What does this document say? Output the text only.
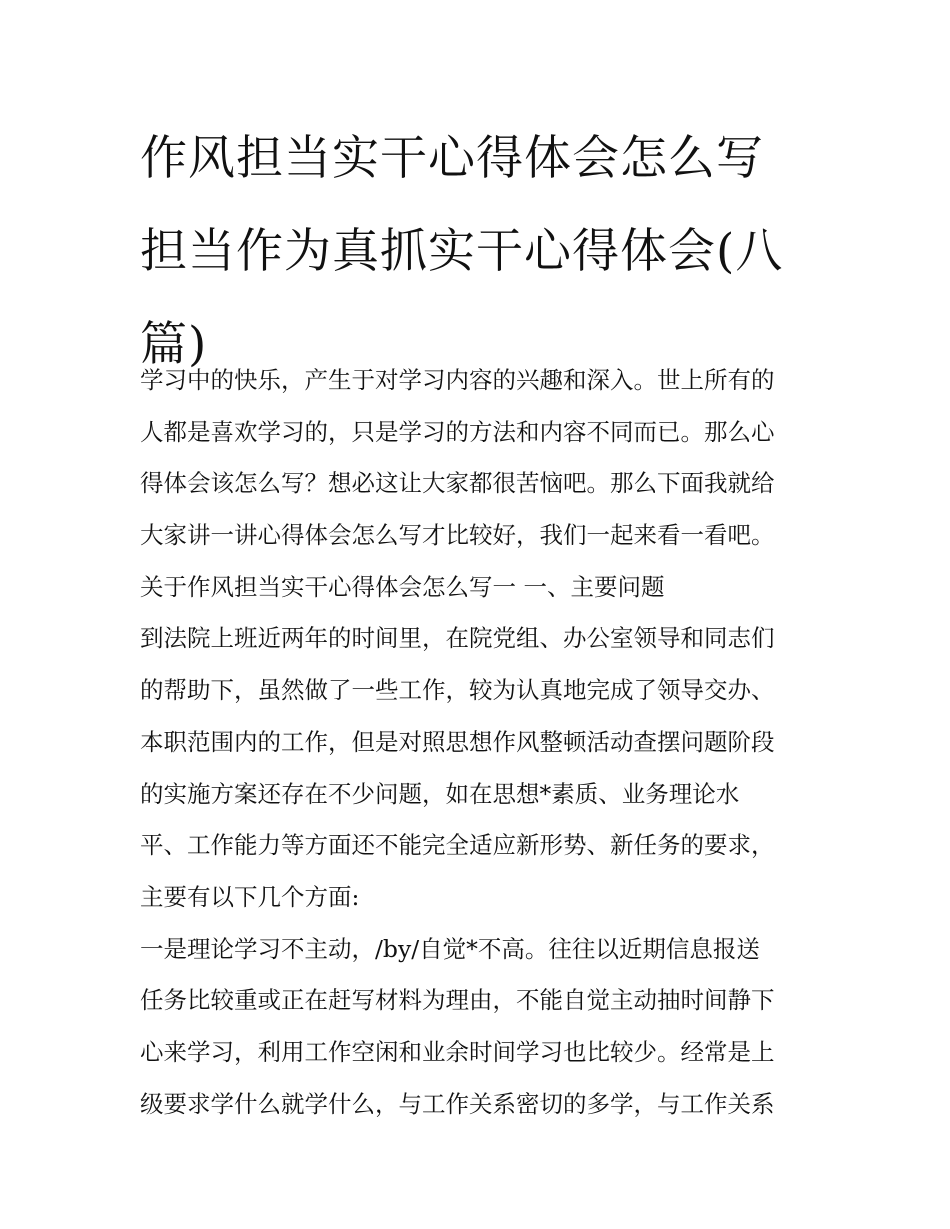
作风担当实干心得体会怎么写
担当作为真抓实干心得体会(八
篇)
学习中的快乐，产生于对学习内容的兴趣和深入。世上所有的
人都是喜欢学习的，只是学习的方法和内容不同而已。那么心
得体会该怎么写？想必这让大家都很苦恼吧。那么下面我就给
大家讲一讲心得体会怎么写才比较好，我们一起来看一看吧。
关于作风担当实干心得体会怎么写一 一、主要问题
到法院上班近两年的时间里，在院党组、办公室领导和同志们
的帮助下，虽然做了一些工作，较为认真地完成了领导交办、
本职范围内的工作，但是对照思想作风整顿活动查摆问题阶段
的实施方案还存在不少问题，如在思想*素质、业务理论水
平、工作能力等方面还不能完全适应新形势、新任务的要求，
主要有以下几个方面:
一是理论学习不主动，/by/自觉*不高。往往以近期信息报送
任务比较重或正在赶写材料为理由，不能自觉主动抽时间静下
心来学习，利用工作空闲和业余时间学习也比较少。经常是上
级要求学什么就学什么，与工作关系密切的多学，与工作关系
